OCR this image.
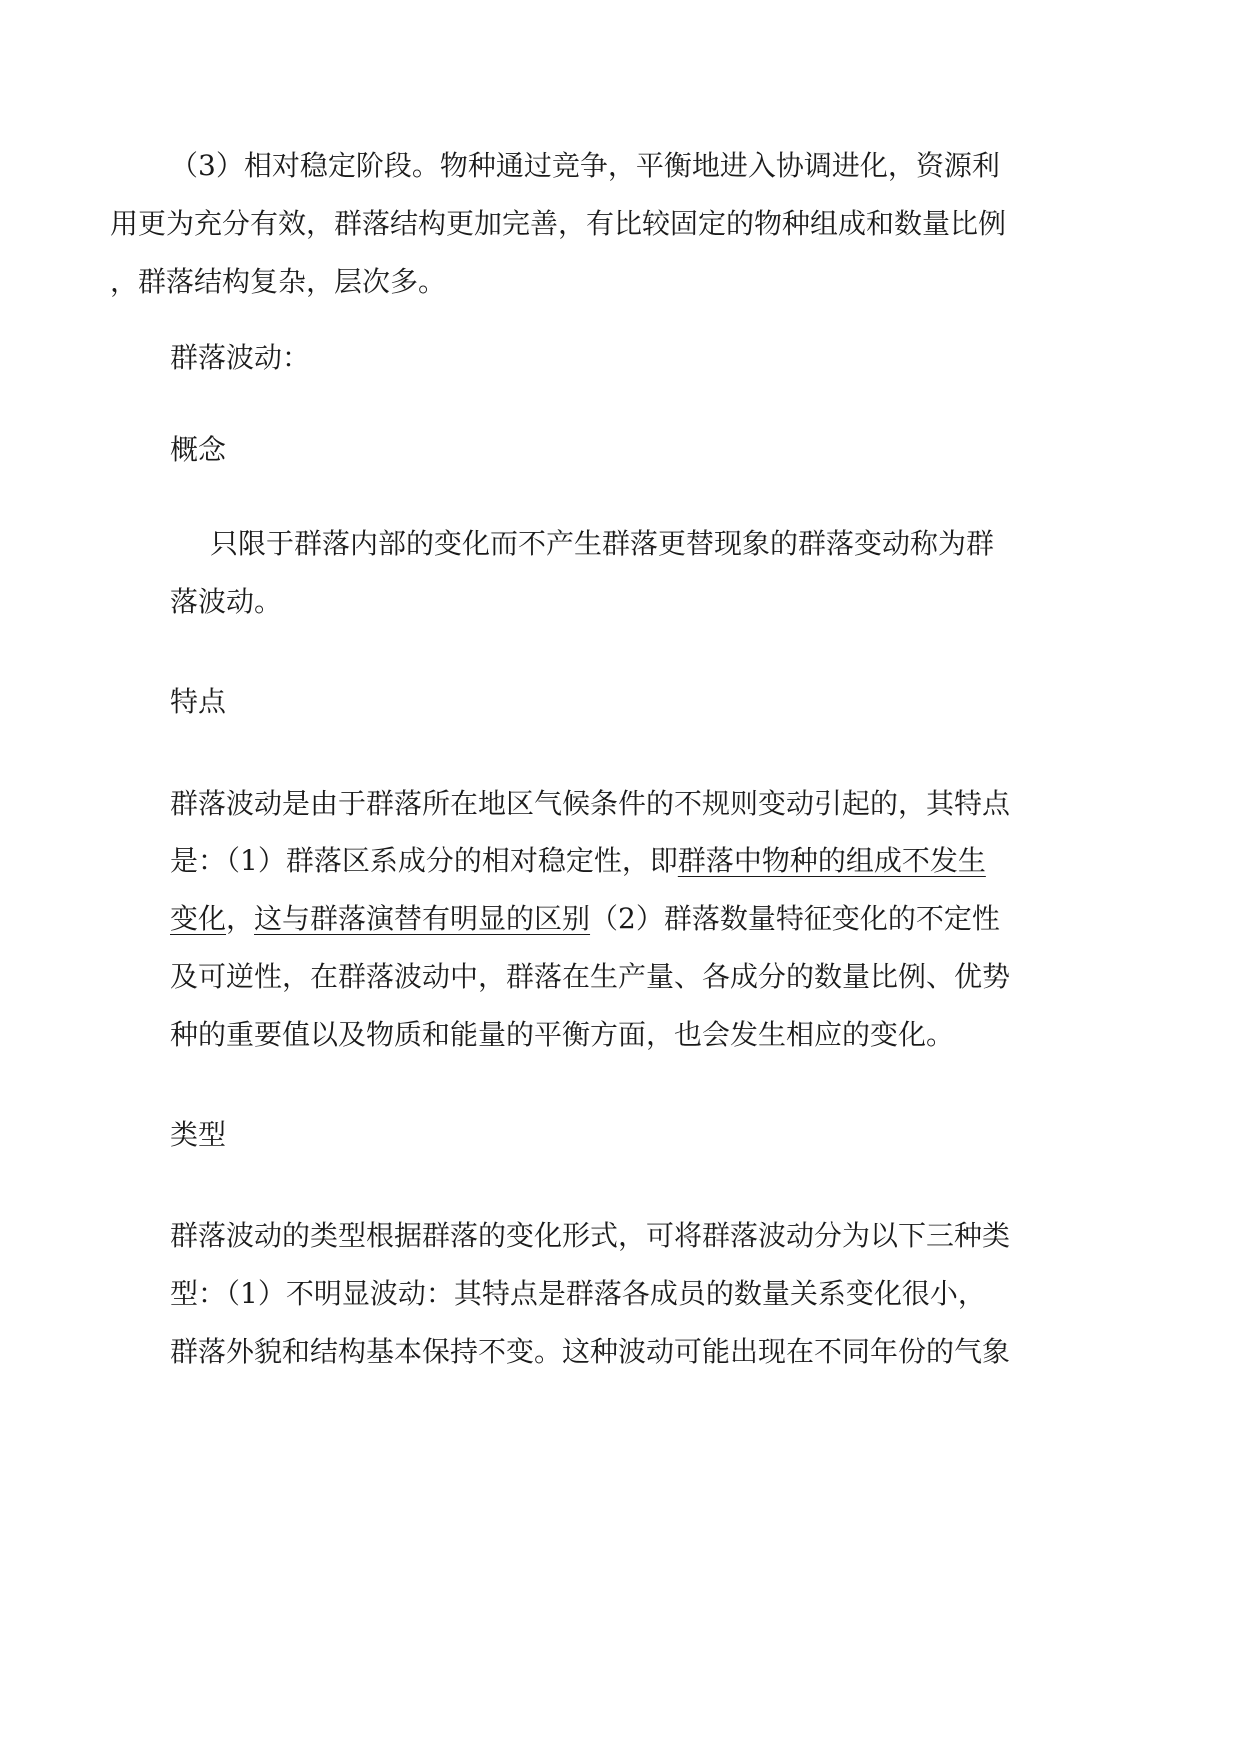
（3）相对稳定阶段。物种通过竞争，平衡地进入协调进化，资源利

用更为充分有效，群落结构更加完善，有比较固定的物种组成和数量比例

，群落结构复杂，层次多。

群落波动：

概念

只限于群落内部的变化而不产生群落更替现象的群落变动称为群

落波动。

特点

群落波动是由于群落所在地区气候条件的不规则变动引起的，其特点

是：（1）群落区系成分的相对稳定性，即群落中物种的组成不发生

变化，这与群落演替有明显的区别（2）群落数量特征变化的不定性

及可逆性，在群落波动中，群落在生产量、各成分的数量比例、优势

种的重要值以及物质和能量的平衡方面，也会发生相应的变化。

类型

群落波动的类型根据群落的变化形式，可将群落波动分为以下三种类

型：（1）不明显波动：其特点是群落各成员的数量关系变化很小，

群落外貌和结构基本保持不变。这种波动可能出现在不同年份的气象
